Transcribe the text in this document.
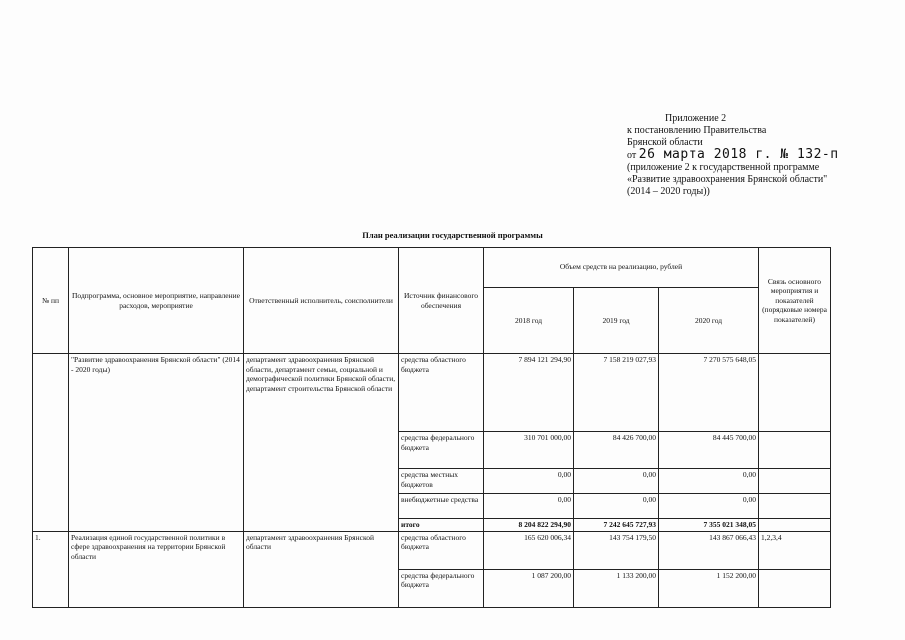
Приложение 2
к постановлению Правительства
Брянской области
от 26 марта 2018 г. № 132-п
(приложение 2 к государственной программе
«Развитие здравоохранения Брянской области"
(2014 – 2020 годы))
План реализации государственной программы
№ пп	Подпрограмма, основное мероприятие, направление расходов, мероприятие	Ответственный исполнитель, соисполнители	Источник финансового обеспечения	Объем средств на реализацию, рублей			Связь основного мероприятия и показателей (порядковые номера показателей)
				2018 год	2019 год	2020 год	
	"Развитие здравоохранения Брянской области" (2014 - 2020 годы)	департамент здравоохранения Брянской области, департамент семьи, социальной и демографической политики Брянской области, департамент строительства Брянской области	средства областного бюджета	7 894 121 294,90	7 158 219 027,93	7 270 575 648,05	
			средства федерального бюджета	310 701 000,00	84 426 700,00	84 445 700,00	
			средства местных бюджетов	0,00	0,00	0,00	
			внебюджетные средства	0,00	0,00	0,00	
			итого	8 204 822 294,90	7 242 645 727,93	7 355 021 348,05	
1.	Реализация единой государственной политики в сфере здравоохранения на территории Брянской области	департамент здравоохранения Брянской области	средства областного бюджета	165 620 006,34	143 754 179,50	143 867 066,43	1,2,3,4
			средства федерального бюджета	1 087 200,00	1 133 200,00	1 152 200,00	
